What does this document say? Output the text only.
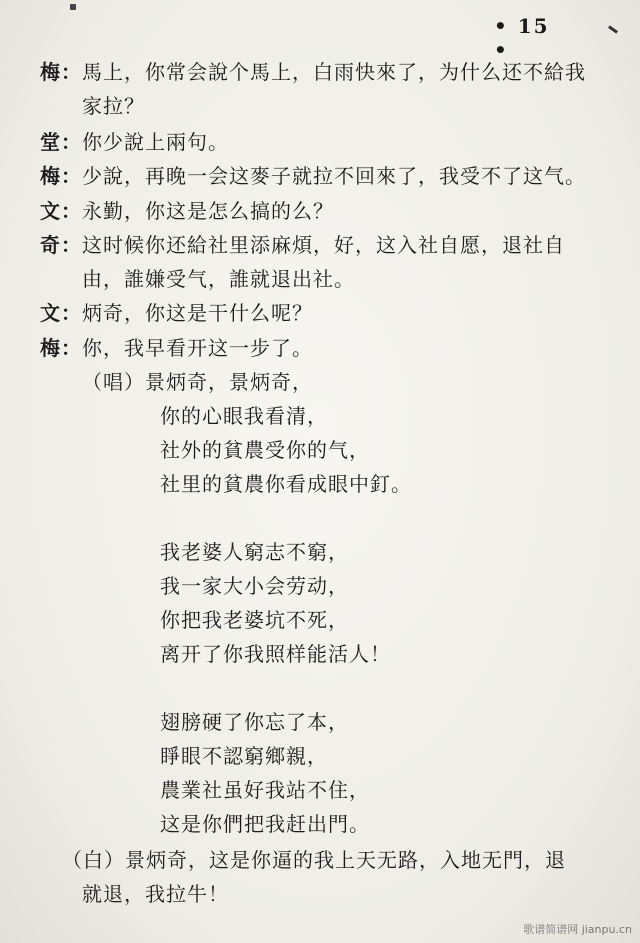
• 15 •
梅：馬上，你常会說个馬上，白雨快來了，为什么还不給我
家拉？
堂：你少說上兩句。
梅：少說，再晚一会这麥子就拉不回來了，我受不了这气。
文：永勤，你这是怎么搞的么？
奇：这时候你还給社里添麻煩，好，这入社自愿，退社自
由，誰嫌受气，誰就退出社。
文：炳奇，你这是干什么呢？
梅：你，我早看开这一步了。
（唱）景炳奇，景炳奇，
你的心眼我看清，
社外的貧農受你的气，
社里的貧農你看成眼中釘。
我老婆人窮志不窮，
我一家大小会劳动，
你把我老婆坑不死，
离开了你我照样能活人！
翅膀硬了你忘了本，
睜眼不認窮鄉親，
農業社虽好我站不住，
这是你們把我赶出門。
（白）景炳奇，这是你逼的我上天无路，入地无門，退
就退，我拉牛！
歌谱简谱网 jianpu.cn
